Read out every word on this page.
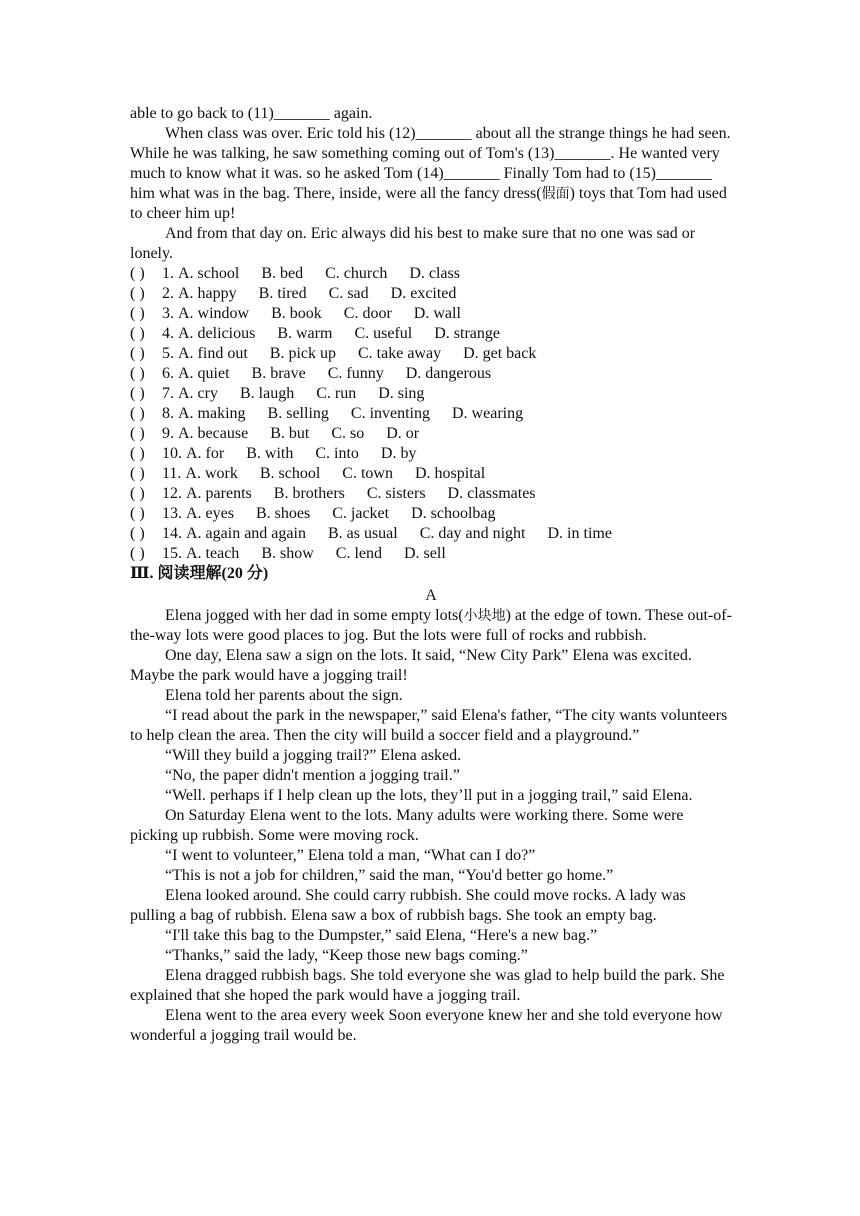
able to go back to (11)_______ again.

When class was over. Eric told his (12)_______ about all the strange things he had seen. While he was talking, he saw something coming out of Tom's (13)_______. He wanted very much to know what it was. so he asked Tom (14)_______ Finally Tom had to (15)_______ him what was in the bag. There, inside, were all the fancy dress(假面) toys that Tom had used to cheer him up!

And from that day on. Eric always did his best to make sure that no one was sad or lonely.

( ) 1. A. school B. bed C. church D. class

( ) 2. A. happy B. tired C. sad D. excited

( ) 3. A. window B. book C. door D. wall

( ) 4. A. delicious B. warm C. useful D. strange

( ) 5. A. find out B. pick up C. take away D. get back

( ) 6. A. quiet B. brave C. funny D. dangerous

( ) 7. A. cry B. laugh C. run D. sing

( ) 8. A. making B. selling C. inventing D. wearing

( ) 9. A. because B. but C. so D. or

( ) 10. A. for B. with C. into D. by

( ) 11. A. work B. school C. town D. hospital

( ) 12. A. parents B. brothers C. sisters D. classmates

( ) 13. A. eyes B. shoes C. jacket D. schoolbag

( ) 14. A. again and again B. as usual C. day and night D. in time

( ) 15. A. teach B. show C. lend D. sell

Ⅲ. 阅读理解(20 分)

A

Elena jogged with her dad in some empty lots(小块地) at the edge of town. These out-of-the-way lots were good places to jog. But the lots were full of rocks and rubbish.

One day, Elena saw a sign on the lots. It said, “New City Park” Elena was excited. Maybe the park would have a jogging trail!

Elena told her parents about the sign.

“I read about the park in the newspaper,” said Elena's father, “The city wants volunteers to help clean the area. Then the city will build a soccer field and a playground.”

“Will they build a jogging trail?” Elena asked.

“No, the paper didn't mention a jogging trail.”

“Well. perhaps if I help clean up the lots, they’ll put in a jogging trail,” said Elena.

On Saturday Elena went to the lots. Many adults were working there. Some were picking up rubbish. Some were moving rock.

“I went to volunteer,” Elena told a man, “What can I do?”

“This is not a job for children,” said the man, “You'd better go home.”

Elena looked around. She could carry rubbish. She could move rocks. A lady was pulling a bag of rubbish. Elena saw a box of rubbish bags. She took an empty bag.

“I'll take this bag to the Dumpster,” said Elena, “Here's a new bag.”

“Thanks,” said the lady, “Keep those new bags coming.”

Elena dragged rubbish bags. She told everyone she was glad to help build the park. She explained that she hoped the park would have a jogging trail.

Elena went to the area every week Soon everyone knew her and she told everyone how wonderful a jogging trail would be.
